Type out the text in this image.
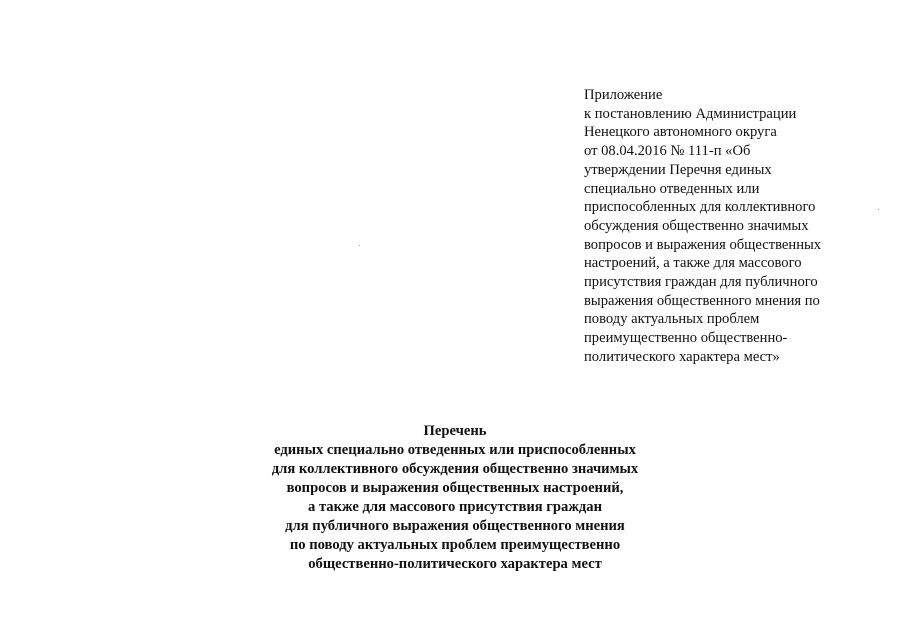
Приложение
к постановлению Администрации
Ненецкого автономного округа
от 08.04.2016 № 111-п «Об
утверждении Перечня единых
специально отведенных или
приспособленных для коллективного
обсуждения общественно значимых
вопросов и выражения общественных
настроений, а также для массового
присутствия граждан для публичного
выражения общественного мнения по
поводу актуальных проблем
преимущественно общественно-
политического характера мест»
Перечень
единых специально отведенных или приспособленных
для коллективного обсуждения общественно значимых
вопросов и выражения общественных настроений,
а также для массового присутствия граждан
для публичного выражения общественного мнения
по поводу актуальных проблем преимущественно
общественно-политического характера мест
